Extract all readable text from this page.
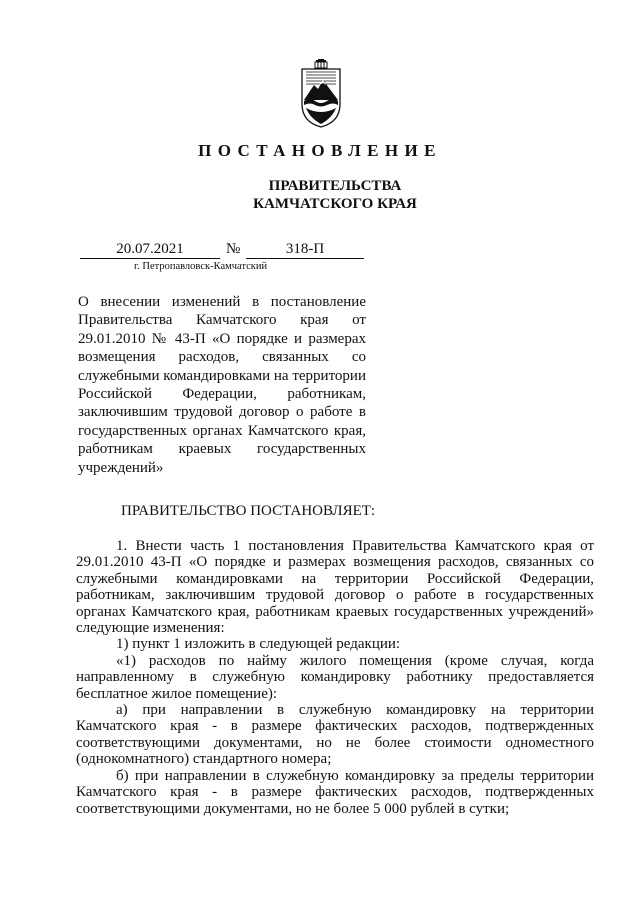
ПОСТАНОВЛЕНИЕ
ПРАВИТЕЛЬСТВА
КАМЧАТСКОГО КРАЯ
20.07.2021	№	318-П
г. Петропавловск-Камчатский
О внесении изменений в постановление Правительства Камчатского края от 29.01.2010 № 43-П «О порядке и размерах возмещения расходов, связанных со служебными командировками на территории Российской Федерации, работникам, заключившим трудовой договор о работе в государственных органах Камчатского края, работникам краевых государственных учреждений»
ПРАВИТЕЛЬСТВО ПОСТАНОВЛЯЕТ:

1. Внести часть 1 постановления Правительства Камчатского края от 29.01.2010 43-П «О порядке и размерах возмещения расходов, связанных со служебными командировками на территории Российской Федерации, работникам, заключившим трудовой договор о работе в государственных органах Камчатского края, работникам краевых государственных учреждений» следующие изменения:

1) пункт 1 изложить в следующей редакции:

«1) расходов по найму жилого помещения (кроме случая, когда направленному в служебную командировку работнику предоставляется бесплатное жилое помещение):

а) при направлении в служебную командировку на территории Камчатского края - в размере фактических расходов, подтвержденных соответствующими документами, но не более стоимости одноместного (однокомнатного) стандартного номера;

б) при направлении в служебную командировку за пределы территории Камчатского края - в размере фактических расходов, подтвержденных соответствующими документами, но не более 5 000 рублей в сутки;
